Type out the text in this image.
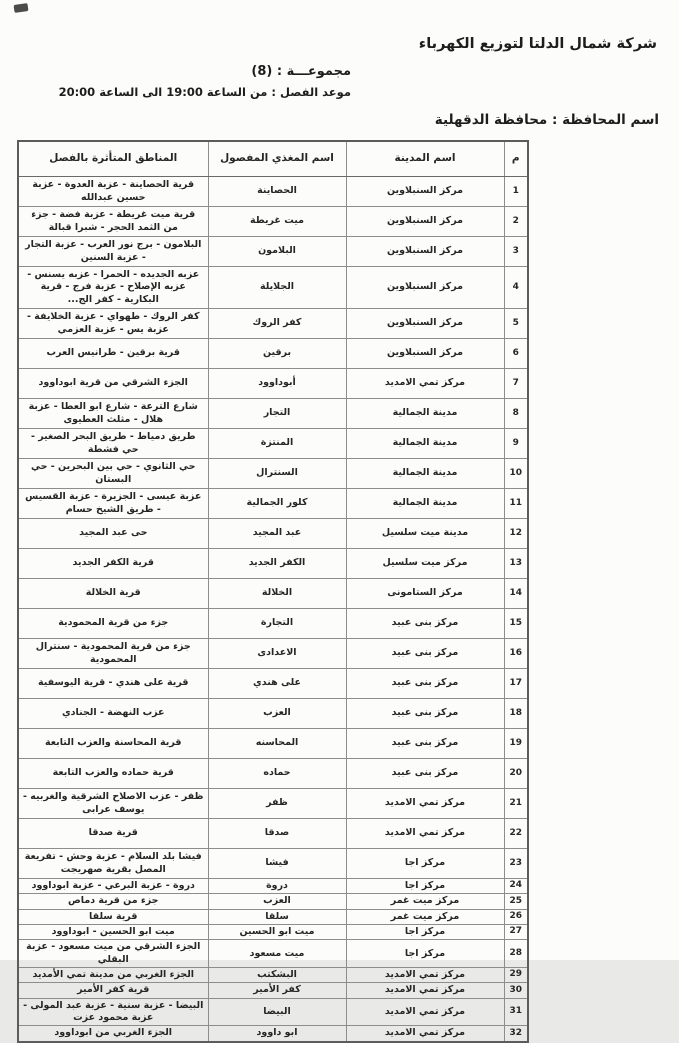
شركة شمال الدلتا لتوزيع الكهرباء
مجموعـــة : (8)
موعد الفصل : من الساعة 19:00 الى الساعة 20:00
اسم المحافظة : محافظة الدقهلية
م	اسم المدينة	اسم المغذي المفصول	المناطق المتأثرة بالفصل
1	مركز السنبلاوين	الحصاينة	قرية الحصاينة - عزبة العدوة - عزبة حسين عبدالله
2	مركز السنبلاوين	ميت غريطة	قرية ميت غريطة - عزبة فضة - جزء من الثمد الحجر - شبرا قبالة
3	مركز السنبلاوين	البلامون	البلامون - برج نور العرب - عزبة التجار - عزبة السنين
4	مركز السنبلاوين	الجلايلة	عزبه الجديده - الحمرا - عزبه يسنس - عزبه الإصلاح - عزبة فرج - قرية البكارية - كفر الج...
5	مركز السنبلاوين	كفر الروك	كفر الروك - طهواي - عزبة الخلايفة - عزبة يس - عزبة العزمي
6	مركز السنبلاوين	برقين	قرية برقين - طرانيس العرب
7	مركز تمي الامديد	أبوداوود	الجزء الشرقي من قرية ابوداوود
8	مدينة الجمالية	التجار	شارع الترعة - شارع ابو العطا - عزبة هلال - مثلث العطيوى
9	مدينة الجمالية	المنتزة	طريق دمياط - طريق البحر الصغير - حي فشطة
10	مدينة الجمالية	السنترال	حي الثانوي - حي بين البحرين - حي البستان
11	مدينة الجمالية	كلور الجمالية	عزبة عيسى - الجزيرة - عزبة القسيس - طريق الشيخ حسام
12	مدينة ميت سلسيل	عبد المجيد	حى عبد المجيد
13	مركز ميت سلسيل	الكفر الجديد	قرية الكفر الجديد
14	مركز الستامونى	الخلالة	قرية الخلالة
15	مركز بنى عبيد	التجارة	جزء من قرية المحمودية
16	مركز بنى عبيد	الاعدادى	جزء من قرية المحمودية - سنترال المحمودية
17	مركز بنى عبيد	على هندي	قرية على هندي - قرية اليوسفية
18	مركز بنى عبيد	العزب	عزب النهضة - الجنادي
19	مركز بنى عبيد	المحاسنه	قرية المحاسنة والعزب التابعة
20	مركز بنى عبيد	حماده	قرية حماده والعزب التابعة
21	مركز تمي الامديد	ظفر	ظفر - عزب الاصلاح الشرقية والغربيه - يوسف عرابى
22	مركز تمي الامديد	صدقا	قرية صدقا
23	مركز اجا	فيشا	فيشا بلد السلام - عزبة وحش - تفريعة المصل بقرية صهريجت
24	مركز اجا	دروة	دروة - عزبة البرعي - عزبة ابوداوود
25	مركز ميت غمر	العزب	جزء من قرية دماص
26	مركز ميت غمر	سلقا	قرية سلقا
27	مركز اجا	ميت ابو الحسين	ميت ابو الحسين - ابوداوود
28	مركز اجا	ميت مسعود	الجزء الشرقي من ميت مسعود - عزبة البقلي
29	مركز تمي الامديد	البشكتب	الجزء الغربي من مدينة تمي الأمديد
30	مركز تمي الامديد	كفر الأمير	قرية كفر الأمير
31	مركز تمي الامديد	البيضا	البيضا - عزبة سنية - عزبة عبد المولى - عزبة محمود عزت
32	مركز تمي الامديد	ابو داوود	الجزء الغربي من ابوداوود
